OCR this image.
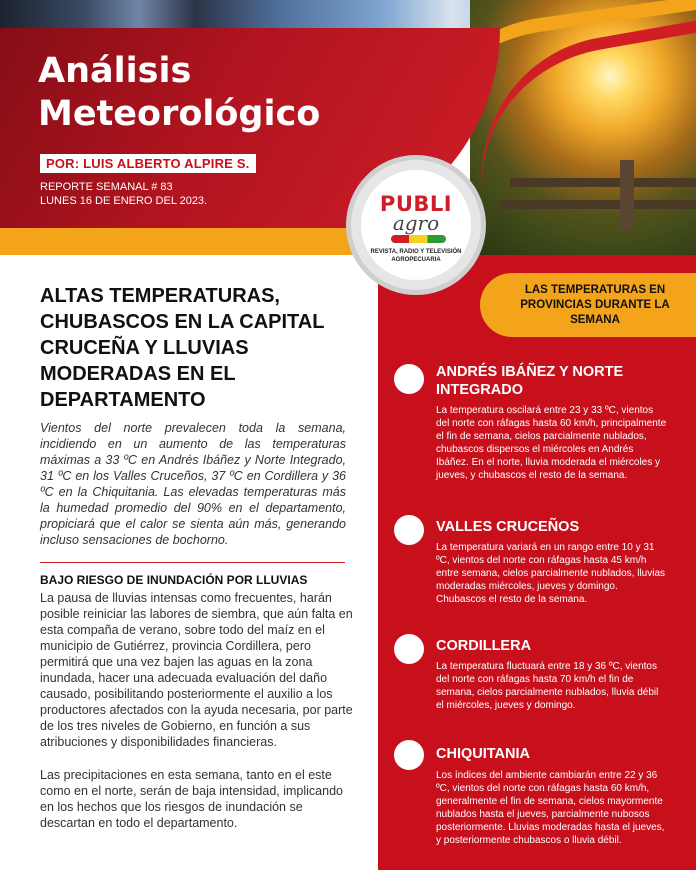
Análisis
Meteorológico
POR: LUIS ALBERTO ALPIRE S.
REPORTE SEMANAL # 83
LUNES 16 DE ENERO DEL 2023.	PUBLI
agro
REVISTA, RADIO Y TELEVISIÓN AGROPECUARIA
ALTAS TEMPERATURAS, CHUBASCOS EN LA CAPITAL CRUCEÑA Y LLUVIAS MODERADAS EN EL DEPARTAMENTO
Vientos del norte prevalecen toda la semana, incidiendo en un aumento de las temperaturas máximas a 33 ºC en Andrés Ibáñez y Norte Integrado, 31 ºC en los Valles Cruceños, 37 ºC en Cordillera y 36 ºC en la Chiquitania. Las elevadas temperaturas más la humedad promedio del 90% en el departamento, propiciará que el calor se sienta aún más, generando incluso sensaciones de bochorno.
BAJO RIESGO DE INUNDACIÓN POR LLUVIAS
La pausa de lluvias intensas como frecuentes, harán posible reiniciar las labores de siembra, que aún falta en esta compaña de verano, sobre todo del maíz en el municipio de Gutiérrez, provincia Cordillera, pero permitirá que una vez bajen las aguas en la zona inundada, hacer una adecuada evaluación del daño causado, posibilitando posteriormente el auxilio a los productores afectados con la ayuda necesaria, por parte de los tres niveles de Gobierno, en función a sus atribuciones y disponibilidades financieras.
Las precipitaciones en esta semana, tanto en el este como en el norte, serán de baja intensidad, implicando en los hechos que los riesgos de inundación se descartan en todo el departamento.
LAS TEMPERATURAS EN PROVINCIAS DURANTE LA SEMANA
ANDRÉS IBÁÑEZ Y NORTE INTEGRADO
La temperatura oscilará entre 23 y 33 ºC, vientos del norte con ráfagas hasta 60 km/h, principalmente el fin de semana, cielos parcialmente nublados, chubascos dispersos el miércoles en Andrés Ibáñez. En el norte, lluvia moderada el miércoles y jueves, y chubascos el resto de la semana.
VALLES CRUCEÑOS
La temperatura variará en un rango entre 10 y 31 ºC, vientos del norte con ráfagas hasta 45 km/h entre semana, cielos parcialmente nublados, lluvias moderadas miércoles, jueves y domingo. Chubascos el resto de la semana.
CORDILLERA
La temperatura fluctuará entre 18 y 36 ºC, vientos del norte con ráfagas hasta 70 km/h el fin de semana, cielos parcialmente nublados, lluvia débil el miércoles, jueves y domingo.
CHIQUITANIA
Los índices del ambiente cambiarán entre 22 y 36 ºC, vientos del norte con ráfagas hasta 60 km/h, generalmente el fin de semana, cielos mayormente nublados hasta el jueves, parcialmente nubosos posteriormente. Lluvias moderadas hasta el jueves, y posteriormente chubascos o lluvia débil.
